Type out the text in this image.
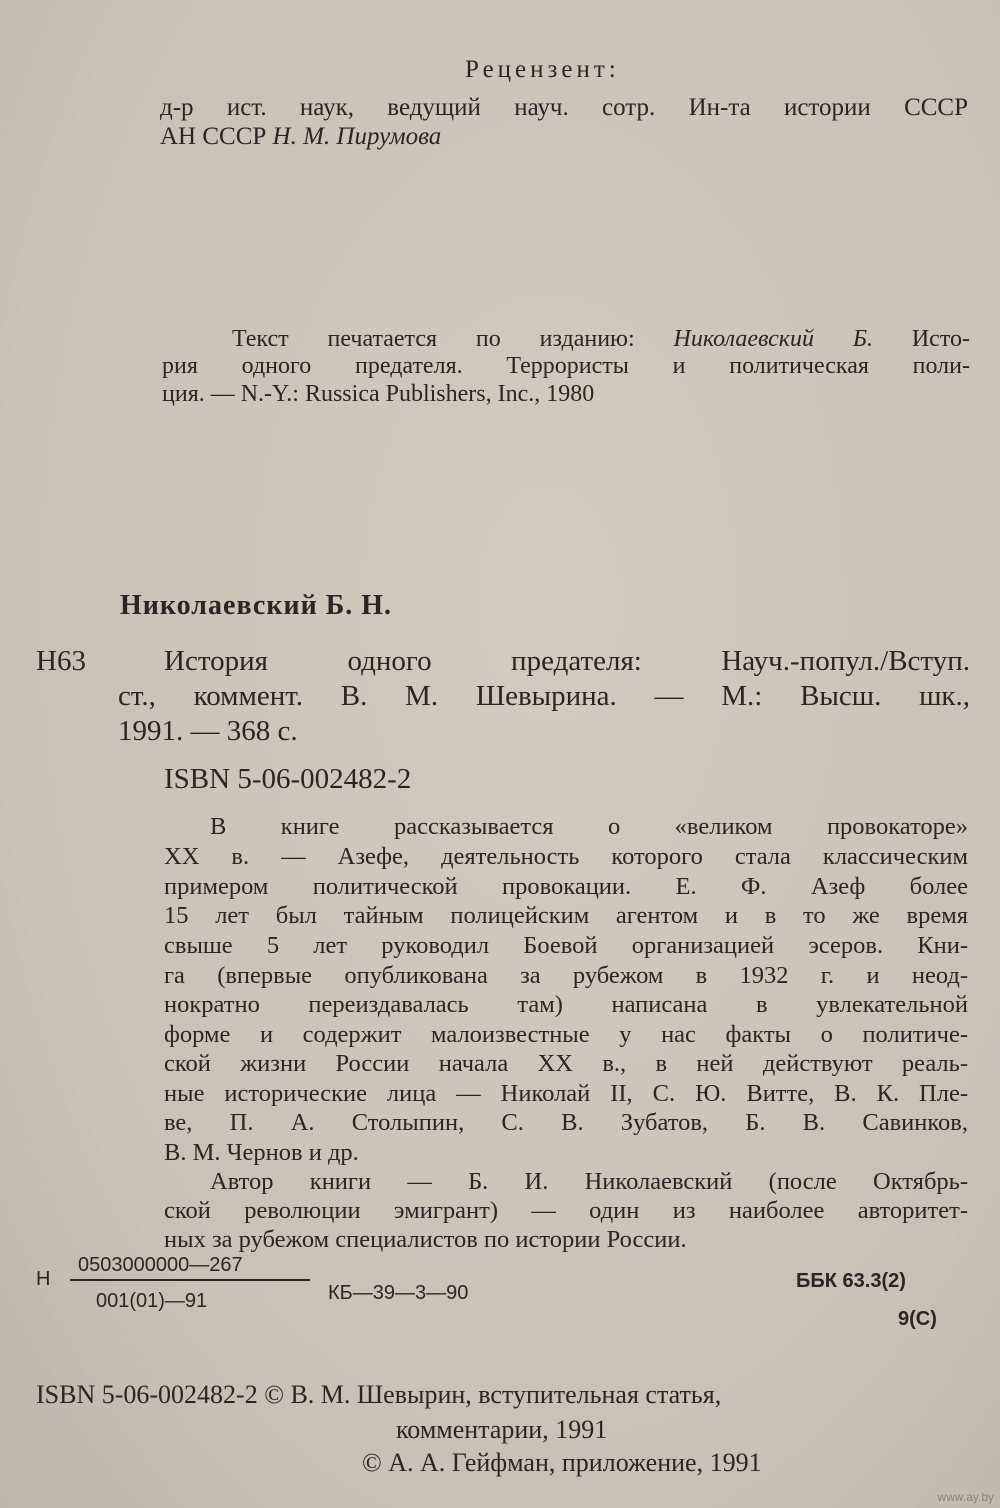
Рецензент:
д-р ист. наук, ведущий науч. сотр. Ин-та истории СССР
АН СССР Н. М. Пирумова
Текст печатается по изданию: Николаевский Б. Исто-
рия одного предателя. Террористы и политическая поли-
ция. — N.-Y.: Russica Publishers, Inc., 1980
Николаевский Б. Н.
Н63	История одного предателя: Науч.-попул./Вступ.
ст., коммент. В. М. Шевырина. — М.: Высш. шк.,
1991. — 368 с.
ISBN 5-06-002482-2
В книге рассказывается о «великом провокаторе»
XX в. — Азефе, деятельность которого стала классическим
примером политической провокации. Е. Ф. Азеф более
15 лет был тайным полицейским агентом и в то же время
свыше 5 лет руководил Боевой организацией эсеров. Кни-
га (впервые опубликована за рубежом в 1932 г. и неод-
нократно переиздавалась там) написана в увлекательной
форме и содержит малоизвестные у нас факты о политиче-
ской жизни России начала XX в., в ней действуют реаль-
ные исторические лица — Николай II, С. Ю. Витте, В. К. Пле-
ве, П. А. Столыпин, С. В. Зубатов, Б. В. Савинков,
В. М. Чернов и др.
Автор книги — Б. И. Николаевский (после Октябрь-
ской революции эмигрант) — один из наиболее авторитет-
ных за рубежом специалистов по истории России.
Н
0503000000—267
001(01)—91	КБ—39—3—90
ББК 63.3(2)
9(С)
ISBN 5-06-002482-2 © В. М. Шевырин, вступительная статья,
комментарии, 1991
© А. А. Гейфман, приложение, 1991
www.ay.by
